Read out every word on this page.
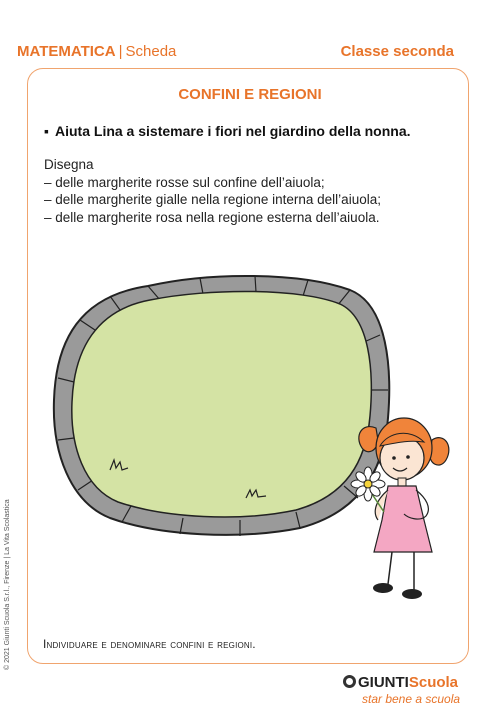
MATEMATICA | Scheda	Classe seconda
CONFINI E REGIONI
▪ Aiuta Lina a sistemare i fiori nel giardino della nonna.
Disegna
– delle margherite rosse sul confine dell’aiuola;
– delle margherite gialle nella regione interna dell’aiuola;
– delle margherite rosa nella regione esterna dell’aiuola.
Individuare e denominare confini e regioni.
© 2021 Giunti Scuola S.r.l., Firenze | La Vita Scolastica
GIUNTIScuola
star bene a scuola
